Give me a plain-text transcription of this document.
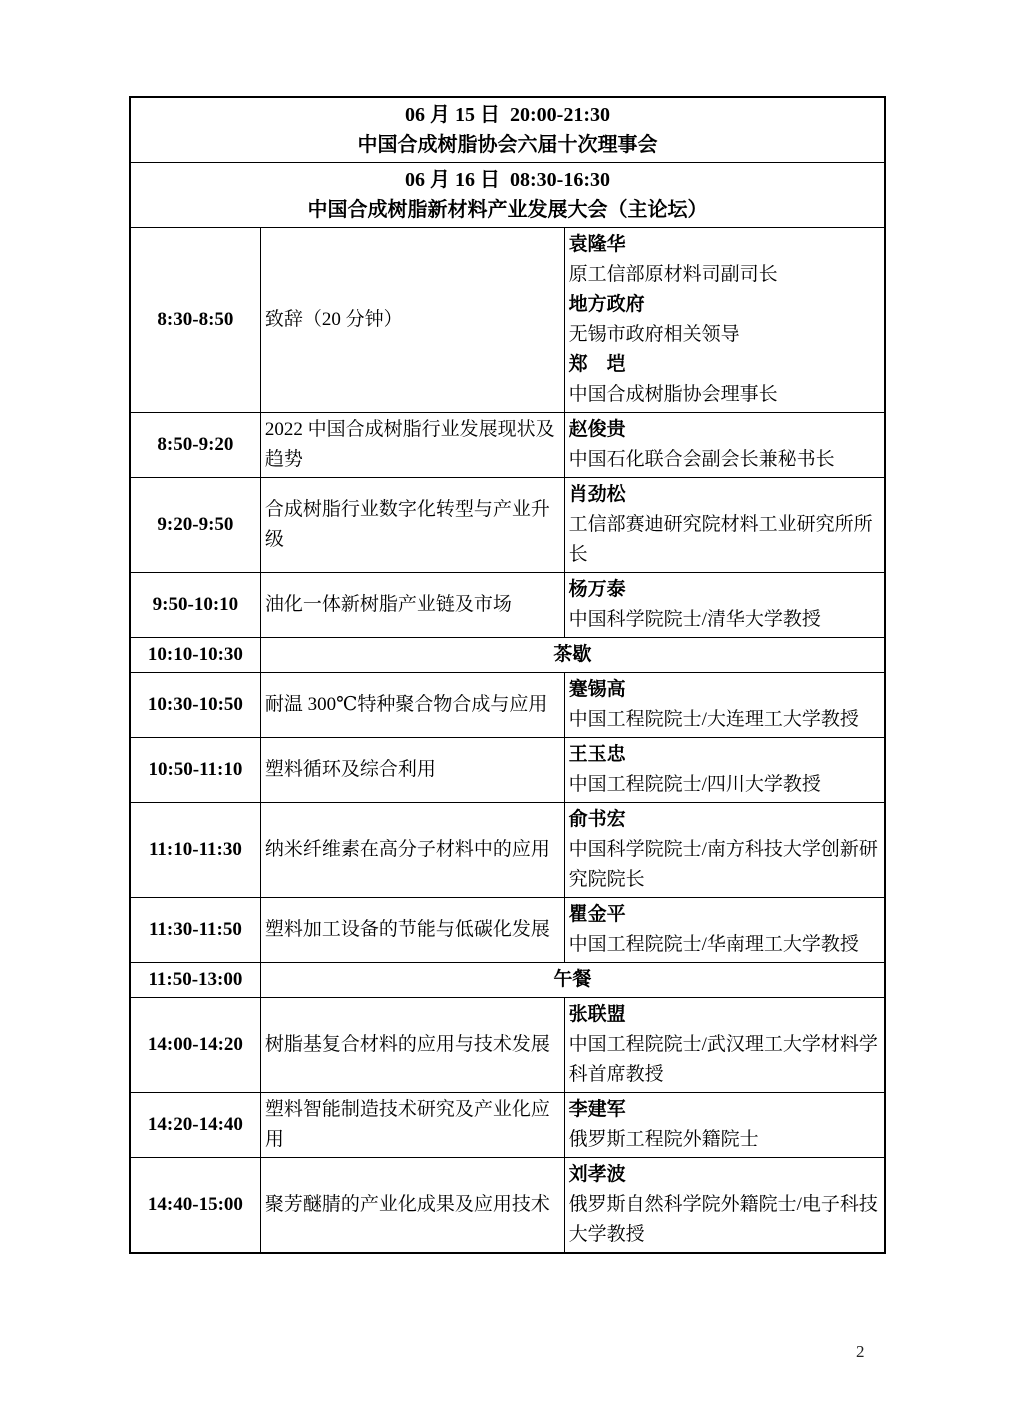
06 月 15 日  20:00-21:30
中国合成树脂协会六届十次理事会		

06 月 16 日  08:30-16:30
中国合成树脂新材料产业发展大会（主论坛）		

8:30-8:50	致辞（20 分钟）	
袁隆华
原工信部原材料司副司长
地方政府
无锡市政府相关领导
郑　垲
中国合成树脂协会理事长

8:50-9:20	2022 中国合成树脂行业发展现状及趋势	赵俊贵
中国石化联合会副会长兼秘书长

9:20-9:50	合成树脂行业数字化转型与产业升级	肖劲松
工信部赛迪研究院材料工业研究所所长

9:50-10:10	油化一体新树脂产业链及市场	杨万泰
中国科学院院士/清华大学教授

10:10-10:30	茶歇	
10:30-10:50	耐温 300℃特种聚合物合成与应用	蹇锡高
中国工程院院士/大连理工大学教授

10:50-11:10	塑料循环及综合利用	王玉忠
中国工程院院士/四川大学教授

11:10-11:30	纳米纤维素在高分子材料中的应用	俞书宏
中国科学院院士/南方科技大学创新研究院院长

11:30-11:50	塑料加工设备的节能与低碳化发展	瞿金平
中国工程院院士/华南理工大学教授

11:50-13:00	午餐	
14:00-14:20	树脂基复合材料的应用与技术发展	张联盟
中国工程院院士/武汉理工大学材料学科首席教授

14:20-14:40	塑料智能制造技术研究及产业化应用	李建军
俄罗斯工程院外籍院士

14:40-15:00	聚芳醚腈的产业化成果及应用技术	刘孝波
俄罗斯自然科学院外籍院士/电子科技大学教授
2
